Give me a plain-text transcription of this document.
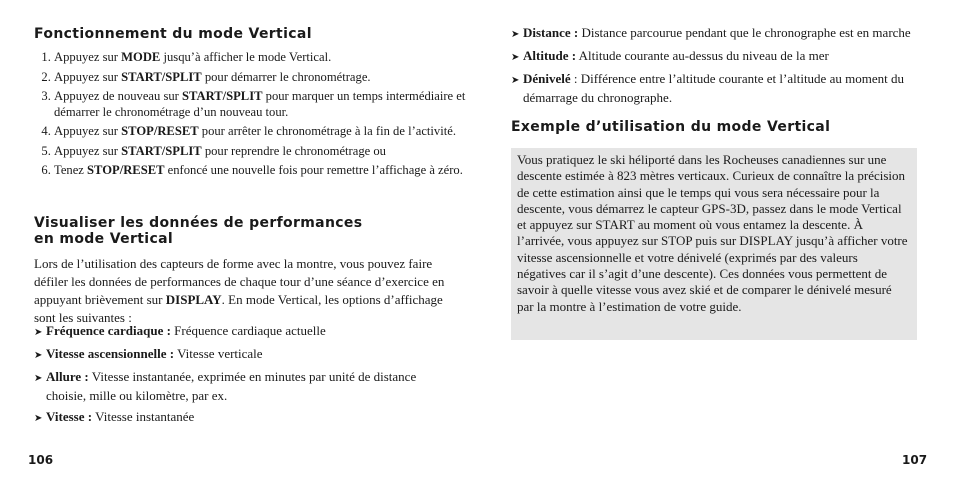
Fonctionnement du mode Vertical
1. Appuyez sur MODE jusqu’à afficher le mode Vertical.
2. Appuyez sur START/SPLIT pour démarrer le chronométrage.
3. Appuyez de nouveau sur START/SPLIT pour marquer un temps intermédiaire et démarrer le chronométrage d’un nouveau tour.
4. Appuyez sur STOP/RESET pour arrêter le chronométrage à la fin de l’activité.
5. Appuyez sur START/SPLIT pour reprendre le chronométrage ou
6. Tenez STOP/RESET enfoncé une nouvelle fois pour remettre l’affichage à zéro.
Visualiser les données de performances
en mode Vertical

Lors de l’utilisation des capteurs de forme avec la montre, vous pouvez faire défiler les données de performances de chaque tour d’une séance d’exercice en appuyant brièvement sur DISPLAY. En mode Vertical, les options d’affichage sont les suivantes :

➤ Fréquence cardiaque : Fréquence cardiaque actuelle
➤ Vitesse ascensionnelle : Vitesse verticale
➤ Allure : Vitesse instantanée, exprimée en minutes par unité de distance choisie, mille ou kilomètre, par ex.
➤ Vitesse : Vitesse instantanée
➤ Distance : Distance parcourue pendant que le chronographe est en marche
➤ Altitude : Altitude courante au-dessus du niveau de la mer
➤ Dénivelé : Différence entre l’altitude courante et l’altitude au moment du démarrage du chronographe.
Exemple d’utilisation du mode Vertical
Vous pratiquez le ski héliporté dans les Rocheuses canadiennes sur une descente estimée à 823 mètres verticaux. Curieux de connaître la précision de cette estimation ainsi que le temps qui vous sera nécessaire pour la descente, vous démarrez le capteur GPS-3D, passez dans le mode Vertical et appuyez sur START au moment où vous entamez la descente. À l’arrivée, vous appuyez sur STOP puis sur DISPLAY jusqu’à afficher votre vitesse ascensionnelle et votre dénivelé (exprimés par des valeurs négatives car il s’agit d’une descente). Ces données vous permettent de savoir à quelle vitesse vous avez skié et de comparer le dénivelé mesuré par la montre à l’estimation de votre guide.
106	107
